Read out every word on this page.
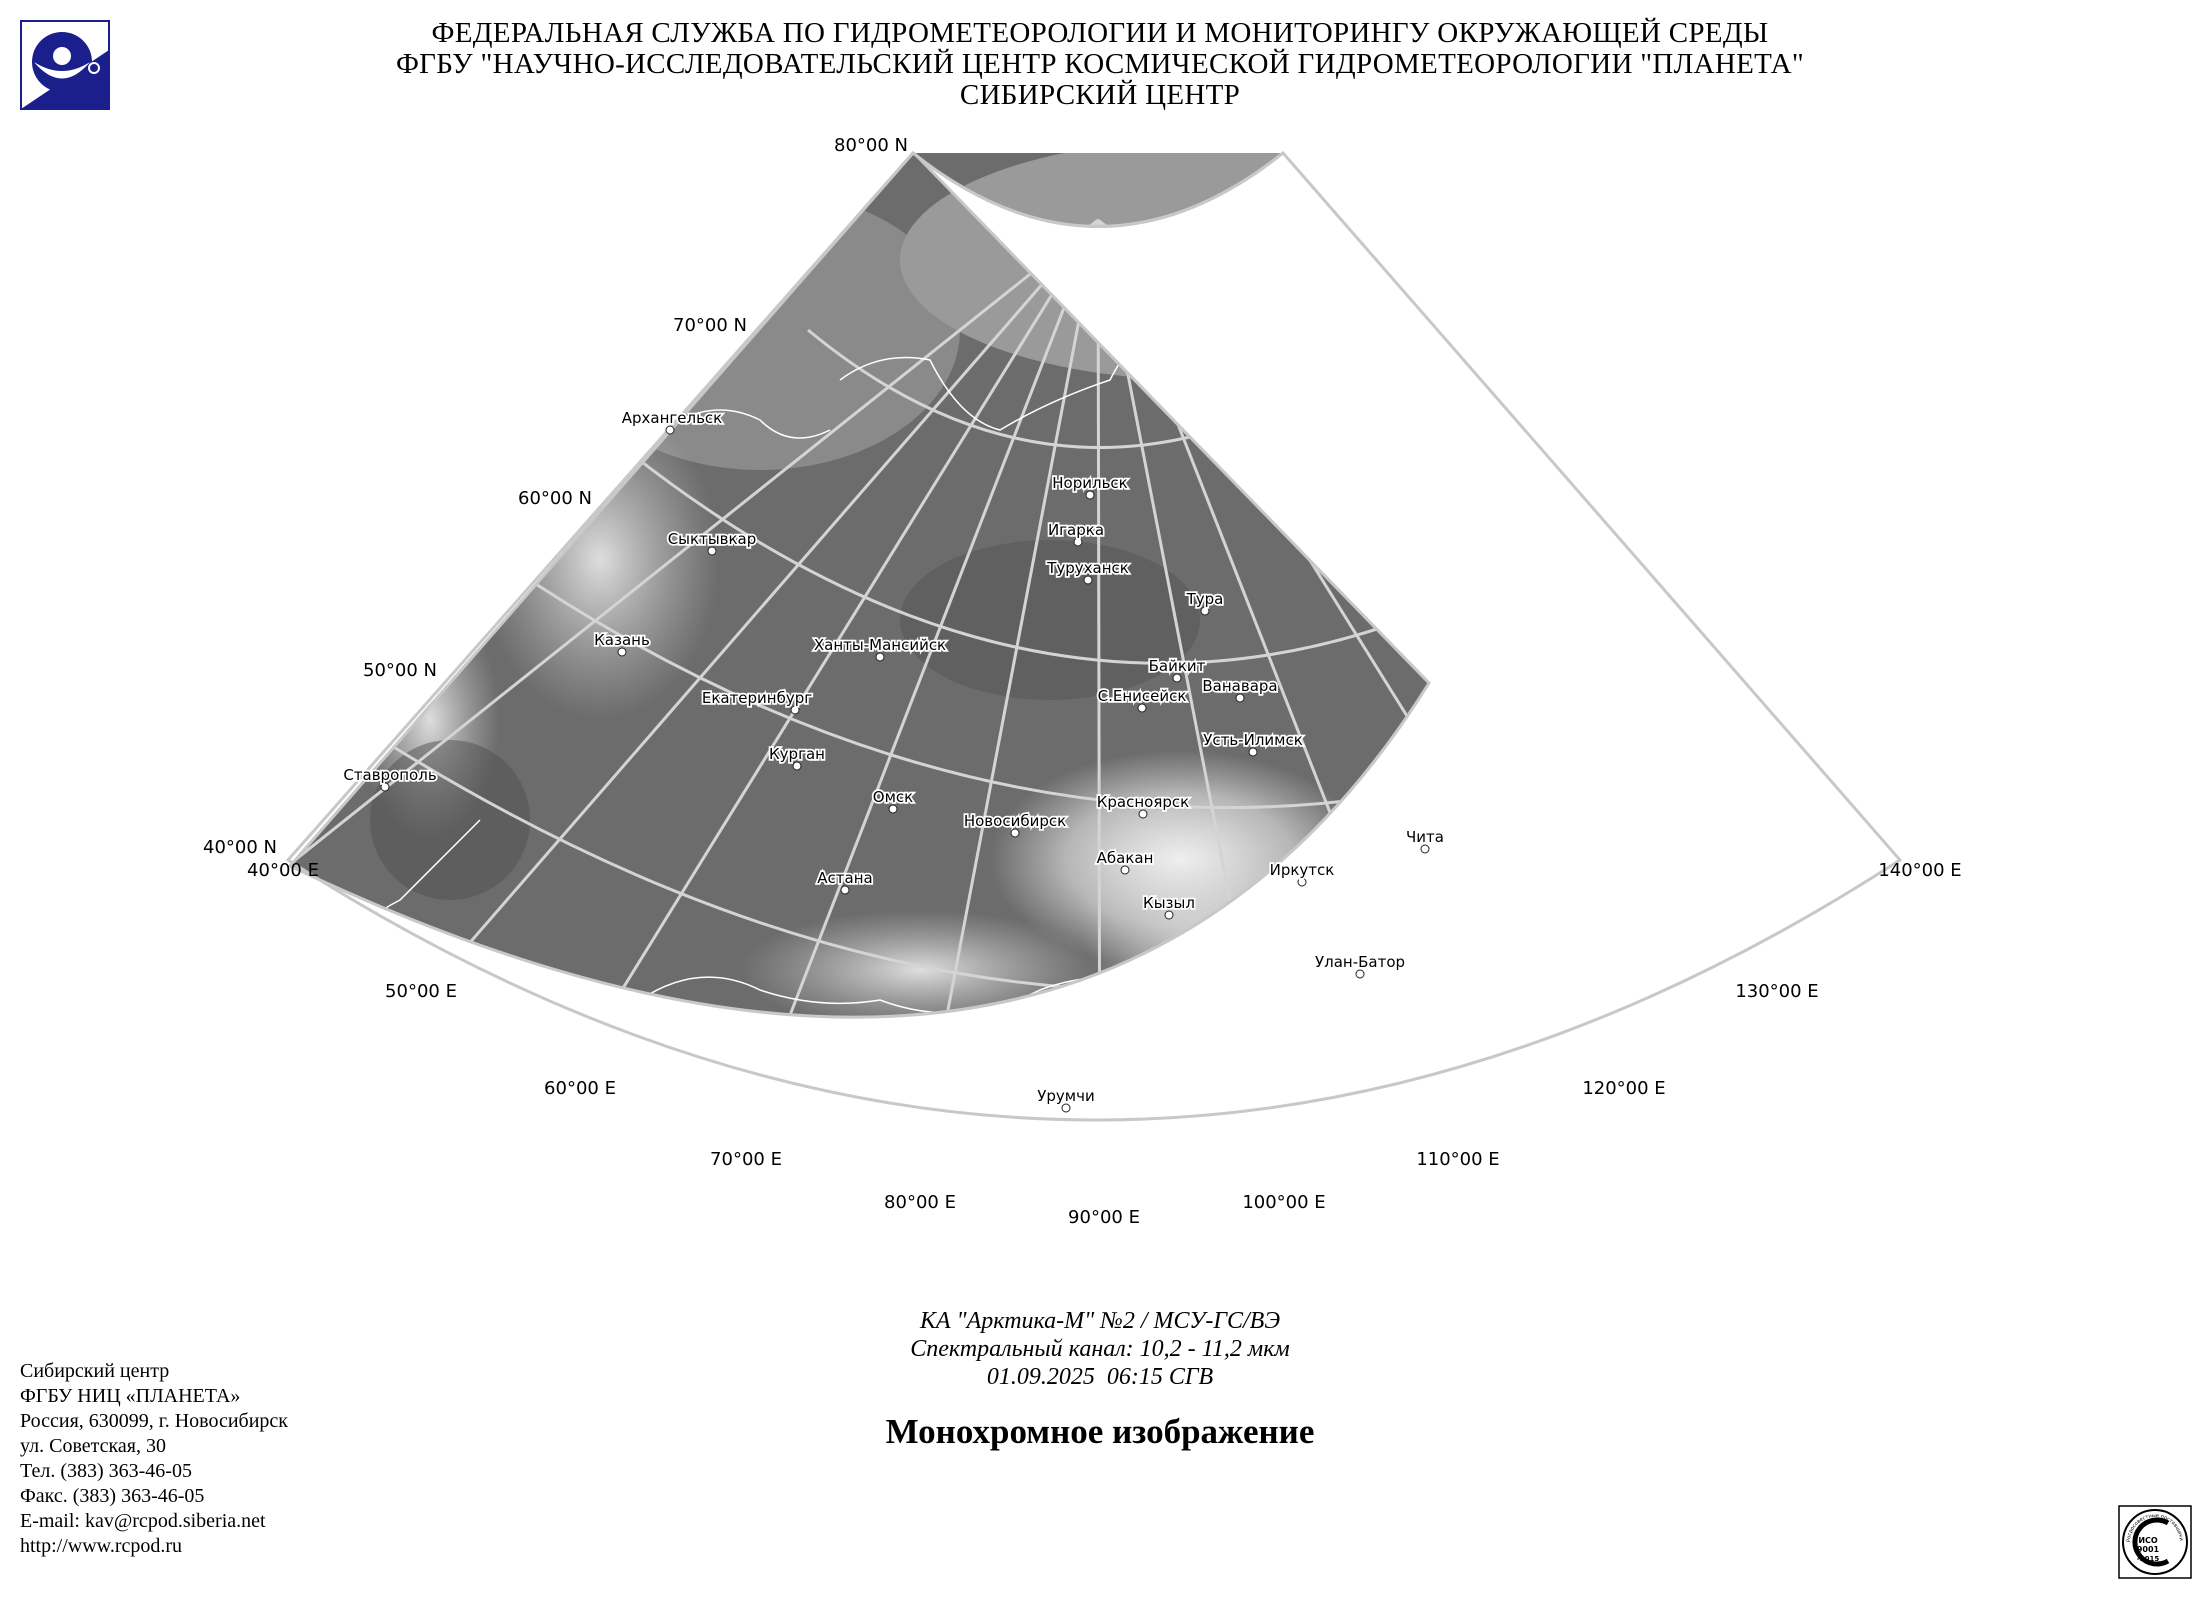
ФЕДЕРАЛЬНАЯ СЛУЖБА ПО ГИДРОМЕТЕОРОЛОГИИ И МОНИТОРИНГУ ОКРУЖАЮЩЕЙ СРЕДЫ
ФГБУ "НАУЧНО-ИССЛЕДОВАТЕЛЬСКИЙ ЦЕНТР КОСМИЧЕСКОЙ ГИДРОМЕТЕОРОЛОГИИ "ПЛАНЕТА"
СИБИРСКИЙ ЦЕНТР
Архангельск
Сыктывкар
Казань
Ставрополь
Екатеринбург
Ханты-Мансийск
Курган
Омск
Астана
Новосибирск
Норильск
Игарка
Туруханск
Тура
Байкит
Ванавара
С.Енисейск
Усть-Илимск
Красноярск
Абакан
Кызыл
Иркутск
Чита
Улан-Батор
Урумчи
80°00 N
70°00 N
60°00 N
50°00 N
40°00 N
40°00 E
50°00 E
60°00 E
70°00 E
80°00 E
90°00 E
100°00 E
110°00 E
120°00 E
130°00 E
140°00 E
КА "Арктика-М" №2 / МСУ-ГС/ВЭ
Спектральный канал: 10,2 - 11,2 мкм
01.09.2025  06:15 СГВ
Монохромное изображение
Сибирский центр
ФГБУ НИЦ «ПЛАНЕТА»
Россия, 630099, г. Новосибирск
ул. Советская, 30
Тел. (383) 363-46-05
Факс. (383) 363-46-05
E-mail: kav@rcpod.siberia.net
http://www.rcpod.ru	Росросовестные поставщики
ИСО
9001
-2015
